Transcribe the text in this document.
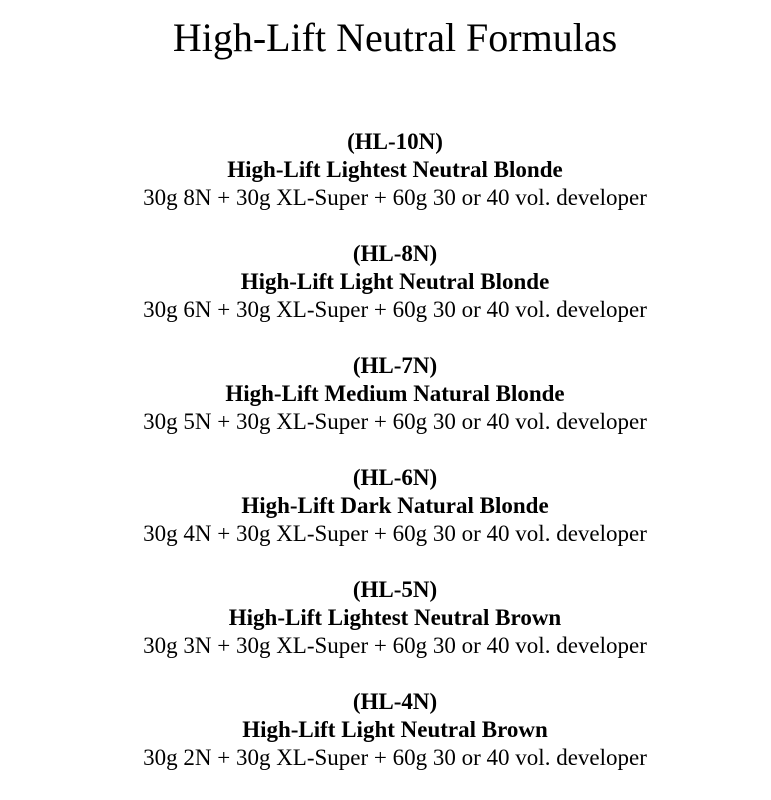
High-Lift Neutral Formulas
(HL-10N)
High-Lift Lightest Neutral Blonde
30g 8N + 30g XL-Super + 60g 30 or 40 vol. developer
(HL-8N)
High-Lift Light Neutral Blonde
30g 6N + 30g XL-Super + 60g 30 or 40 vol. developer
(HL-7N)
High-Lift Medium Natural Blonde
30g 5N + 30g XL-Super + 60g 30 or 40 vol. developer
(HL-6N)
High-Lift Dark Natural Blonde
30g 4N + 30g XL-Super + 60g 30 or 40 vol. developer
(HL-5N)
High-Lift Lightest Neutral Brown
30g 3N + 30g XL-Super + 60g 30 or 40 vol. developer
(HL-4N)
High-Lift Light Neutral Brown
30g 2N + 30g XL-Super + 60g 30 or 40 vol. developer
